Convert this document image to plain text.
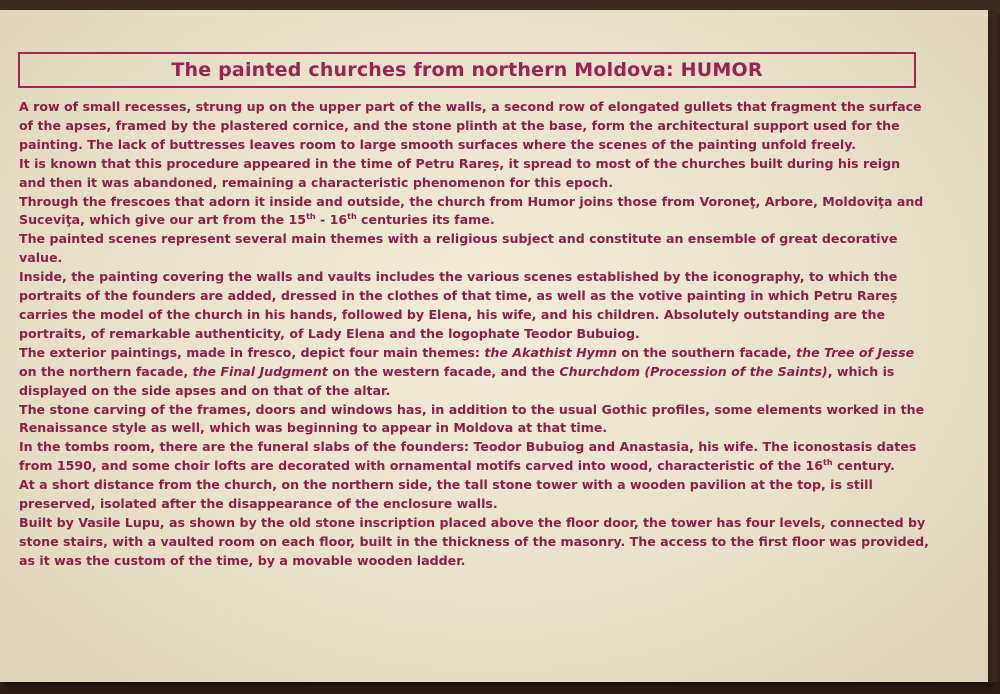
The painted churches from northern Moldova: HUMOR

A row of small recesses, strung up on the upper part of the walls, a second row of elongated gullets that fragment the surface of the apses, framed by the plastered cornice, and the stone plinth at the base, form the architectural support used for the painting. The lack of buttresses leaves room to large smooth surfaces where the scenes of the painting unfold freely.

It is known that this procedure appeared in the time of Petru Rareș, it spread to most of the churches built during his reign and then it was abandoned, remaining a characteristic phenomenon for this epoch.

Through the frescoes that adorn it inside and outside, the church from Humor joins those from Voroneţ, Arbore, Moldoviţa and Suceviţa, which give our art from the 15th - 16th centuries its fame.

The painted scenes represent several main themes with a religious subject and constitute an ensemble of great decorative value.

Inside, the painting covering the walls and vaults includes the various scenes established by the iconography, to which the portraits of the founders are added, dressed in the clothes of that time, as well as the votive painting in which Petru Rareș carries the model of the church in his hands, followed by Elena, his wife, and his children. Absolutely outstanding are the portraits, of remarkable authenticity, of Lady Elena and the logophate Teodor Bubuiog.

The exterior paintings, made in fresco, depict four main themes: the Akathist Hymn on the southern facade, the Tree of Jesse on the northern facade, the Final Judgment on the western facade, and the Churchdom (Procession of the Saints), which is displayed on the side apses and on that of the altar.

The stone carving of the frames, doors and windows has, in addition to the usual Gothic profiles, some elements worked in the Renaissance style as well, which was beginning to appear in Moldova at that time.

In the tombs room, there are the funeral slabs of the founders: Teodor Bubuiog and Anastasia, his wife. The iconostasis dates from 1590, and some choir lofts are decorated with ornamental motifs carved into wood, characteristic of the 16th century.

At a short distance from the church, on the northern side, the tall stone tower with a wooden pavilion at the top, is still preserved, isolated after the disappearance of the enclosure walls.

Built by Vasile Lupu, as shown by the old stone inscription placed above the floor door, the tower has four levels, connected by stone stairs, with a vaulted room on each floor, built in the thickness of the masonry. The access to the first floor was provided, as it was the custom of the time, by a movable wooden ladder.
